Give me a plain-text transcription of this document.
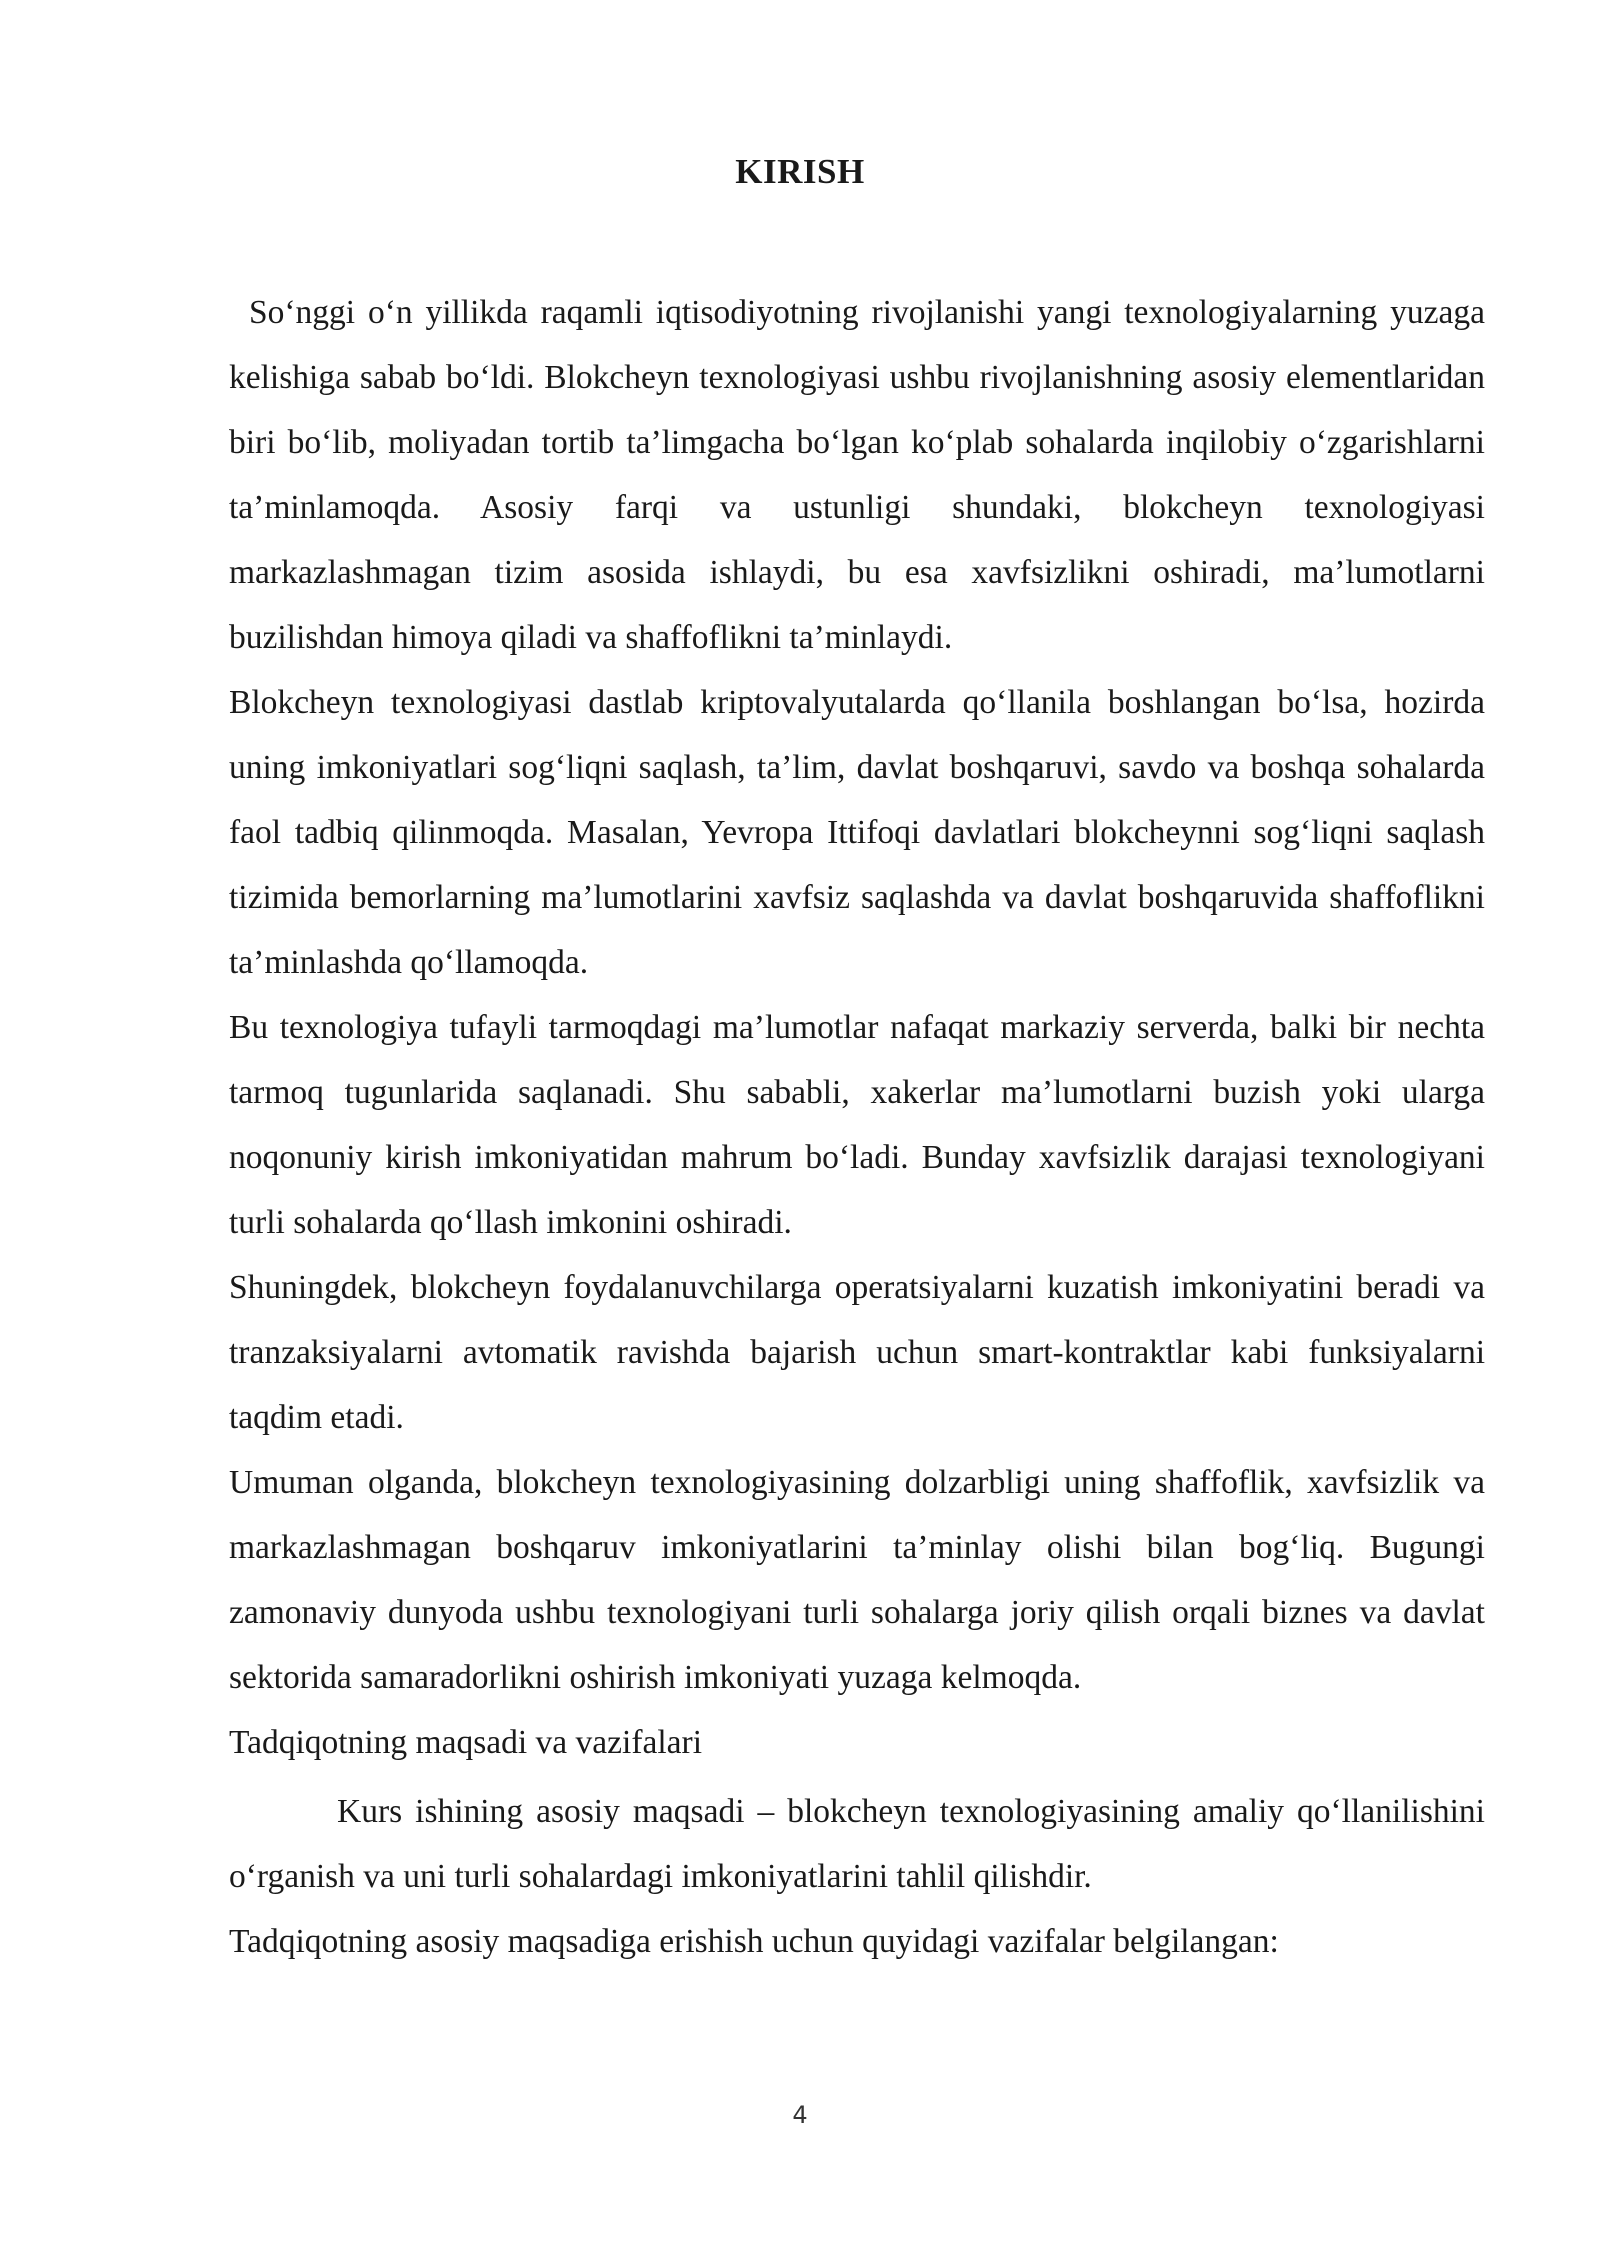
KIRISH

So‘nggi o‘n yillikda raqamli iqtisodiyotning rivojlanishi yangi texnologiyalarning yuzaga kelishiga sabab bo‘ldi. Blokcheyn texnologiyasi ushbu rivojlanishning asosiy elementlaridan biri bo‘lib, moliyadan tortib ta’limgacha bo‘lgan ko‘plab sohalarda inqilobiy o‘zgarishlarni ta’minlamoqda. Asosiy farqi va ustunligi shundaki, blokcheyn texnologiyasi markazlashmagan tizim asosida ishlaydi, bu esa xavfsizlikni oshiradi, ma’lumotlarni buzilishdan himoya qiladi va shaffoflikni ta’minlaydi.

Blokcheyn texnologiyasi dastlab kriptovalyutalarda qo‘llanila boshlangan bo‘lsa, hozirda uning imkoniyatlari sog‘liqni saqlash, ta’lim, davlat boshqaruvi, savdo va boshqa sohalarda faol tadbiq qilinmoqda. Masalan, Yevropa Ittifoqi davlatlari blokcheynni sog‘liqni saqlash tizimida bemorlarning ma’lumotlarini xavfsiz saqlashda va davlat boshqaruvida shaffoflikni ta’minlashda qo‘llamoqda.

Bu texnologiya tufayli tarmoqdagi ma’lumotlar nafaqat markaziy serverda, balki bir nechta tarmoq tugunlarida saqlanadi. Shu sababli, xakerlar ma’lumotlarni buzish yoki ularga noqonuniy kirish imkoniyatidan mahrum bo‘ladi. Bunday xavfsizlik darajasi texnologiyani turli sohalarda qo‘llash imkonini oshiradi.

Shuningdek, blokcheyn foydalanuvchilarga operatsiyalarni kuzatish imkoniyatini beradi va tranzaksiyalarni avtomatik ravishda bajarish uchun smart-kontraktlar kabi funksiyalarni taqdim etadi.

Umuman olganda, blokcheyn texnologiyasining dolzarbligi uning shaffoflik, xavfsizlik va markazlashmagan boshqaruv imkoniyatlarini ta’minlay olishi bilan bog‘liq. Bugungi zamonaviy dunyoda ushbu texnologiyani turli sohalarga joriy qilish orqali biznes va davlat sektorida samaradorlikni oshirish imkoniyati yuzaga kelmoqda.

Tadqiqotning maqsadi va vazifalari

Kurs ishining asosiy maqsadi – blokcheyn texnologiyasining amaliy qo‘llanilishini o‘rganish va uni turli sohalardagi imkoniyatlarini tahlil qilishdir.

Tadqiqotning asosiy maqsadiga erishish uchun quyidagi vazifalar belgilangan:

4
